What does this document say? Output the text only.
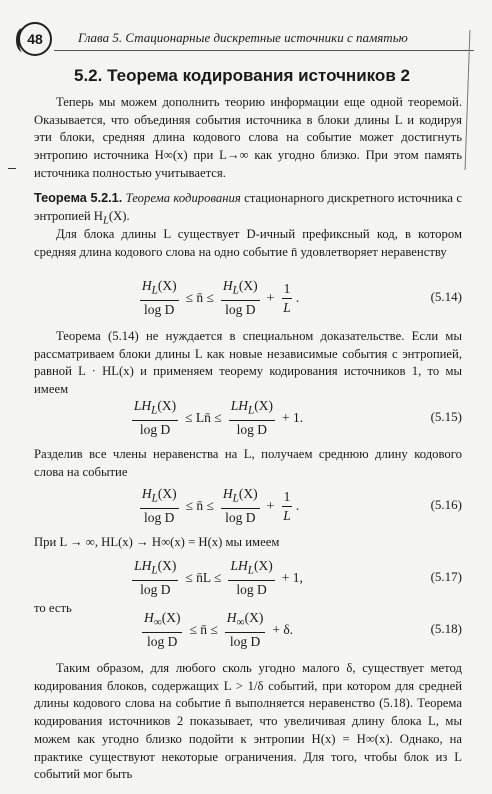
48	Глава 5. Стационарные дискретные источники с памятью
5.2. Теорема кодирования источников 2
Теперь мы можем дополнить теорию информации еще одной теоремой. Оказывается, что объединяя события источника в блоки длины L и кодируя эти блоки, средняя длина кодового слова на событие может достигнуть энтропию источника H∞(x) при L→∞ как угодно близко. При этом память источника полностью учитывается.
Теорема 5.2.1. Теорема кодирования стационарного дискретного источника с энтропией $H_L(X)$.
Для блока длины L существует D-ичный префиксный код, в котором средняя длина кодового слова на одно событие n̄ удовлетворяет неравенству
$\frac{H_L(X)}{\text{log D}}$ ≤ n̄ ≤ $\frac{H_L(X)}{\text{log D}} + \frac{1}{L}$ .	(5.14)
Теорема (5.14) не нуждается в специальном доказательстве. Если мы рассматриваем блоки длины L как новые независимые события с энтропией, равной L · HL(x) и применяем теорему кодирования источников 1, то мы имеем
$\frac{LH_L(X)}{\text{log D}}$ ≤ Ln̄ ≤ $\frac{LH_L(X)}{\text{log D}} + 1$.	(5.15)
Разделив все члены неравенства на L, получаем среднюю длину кодового слова на событие
$\frac{H_L(X)}{\text{log D}}$ ≤ n̄ ≤ $\frac{H_L(X)}{\text{log D}} + \frac{1}{L}$ .	(5.16)
При L → ∞, HL(x) → H∞(x) = H(x) мы имеем
$\frac{LH_L(X)}{\text{log D}}$ ≤ n̄L ≤ $\frac{LH_L(X)}{\text{log D}} + 1$,	(5.17)
то есть
$\frac{H_\infty(X)}{\text{log D}}$ ≤ n̄ ≤ $\frac{H_\infty(X)}{\text{log D}} + \delta$.	(5.18)
Таким образом, для любого сколь угодно малого δ, существует метод кодирования блоков, содержащих L > 1/δ событий, при котором для средней длины кодового слова на событие n̄ выполняется неравенство (5.18). Теорема кодирования источников 2 показывает, что увеличивая длину блока L, мы можем как угодно близко подойти к энтропии H(x) = H∞(x). Однако, на практике существуют некоторые ограничения. Для того, чтобы блок из L событий мог быть
